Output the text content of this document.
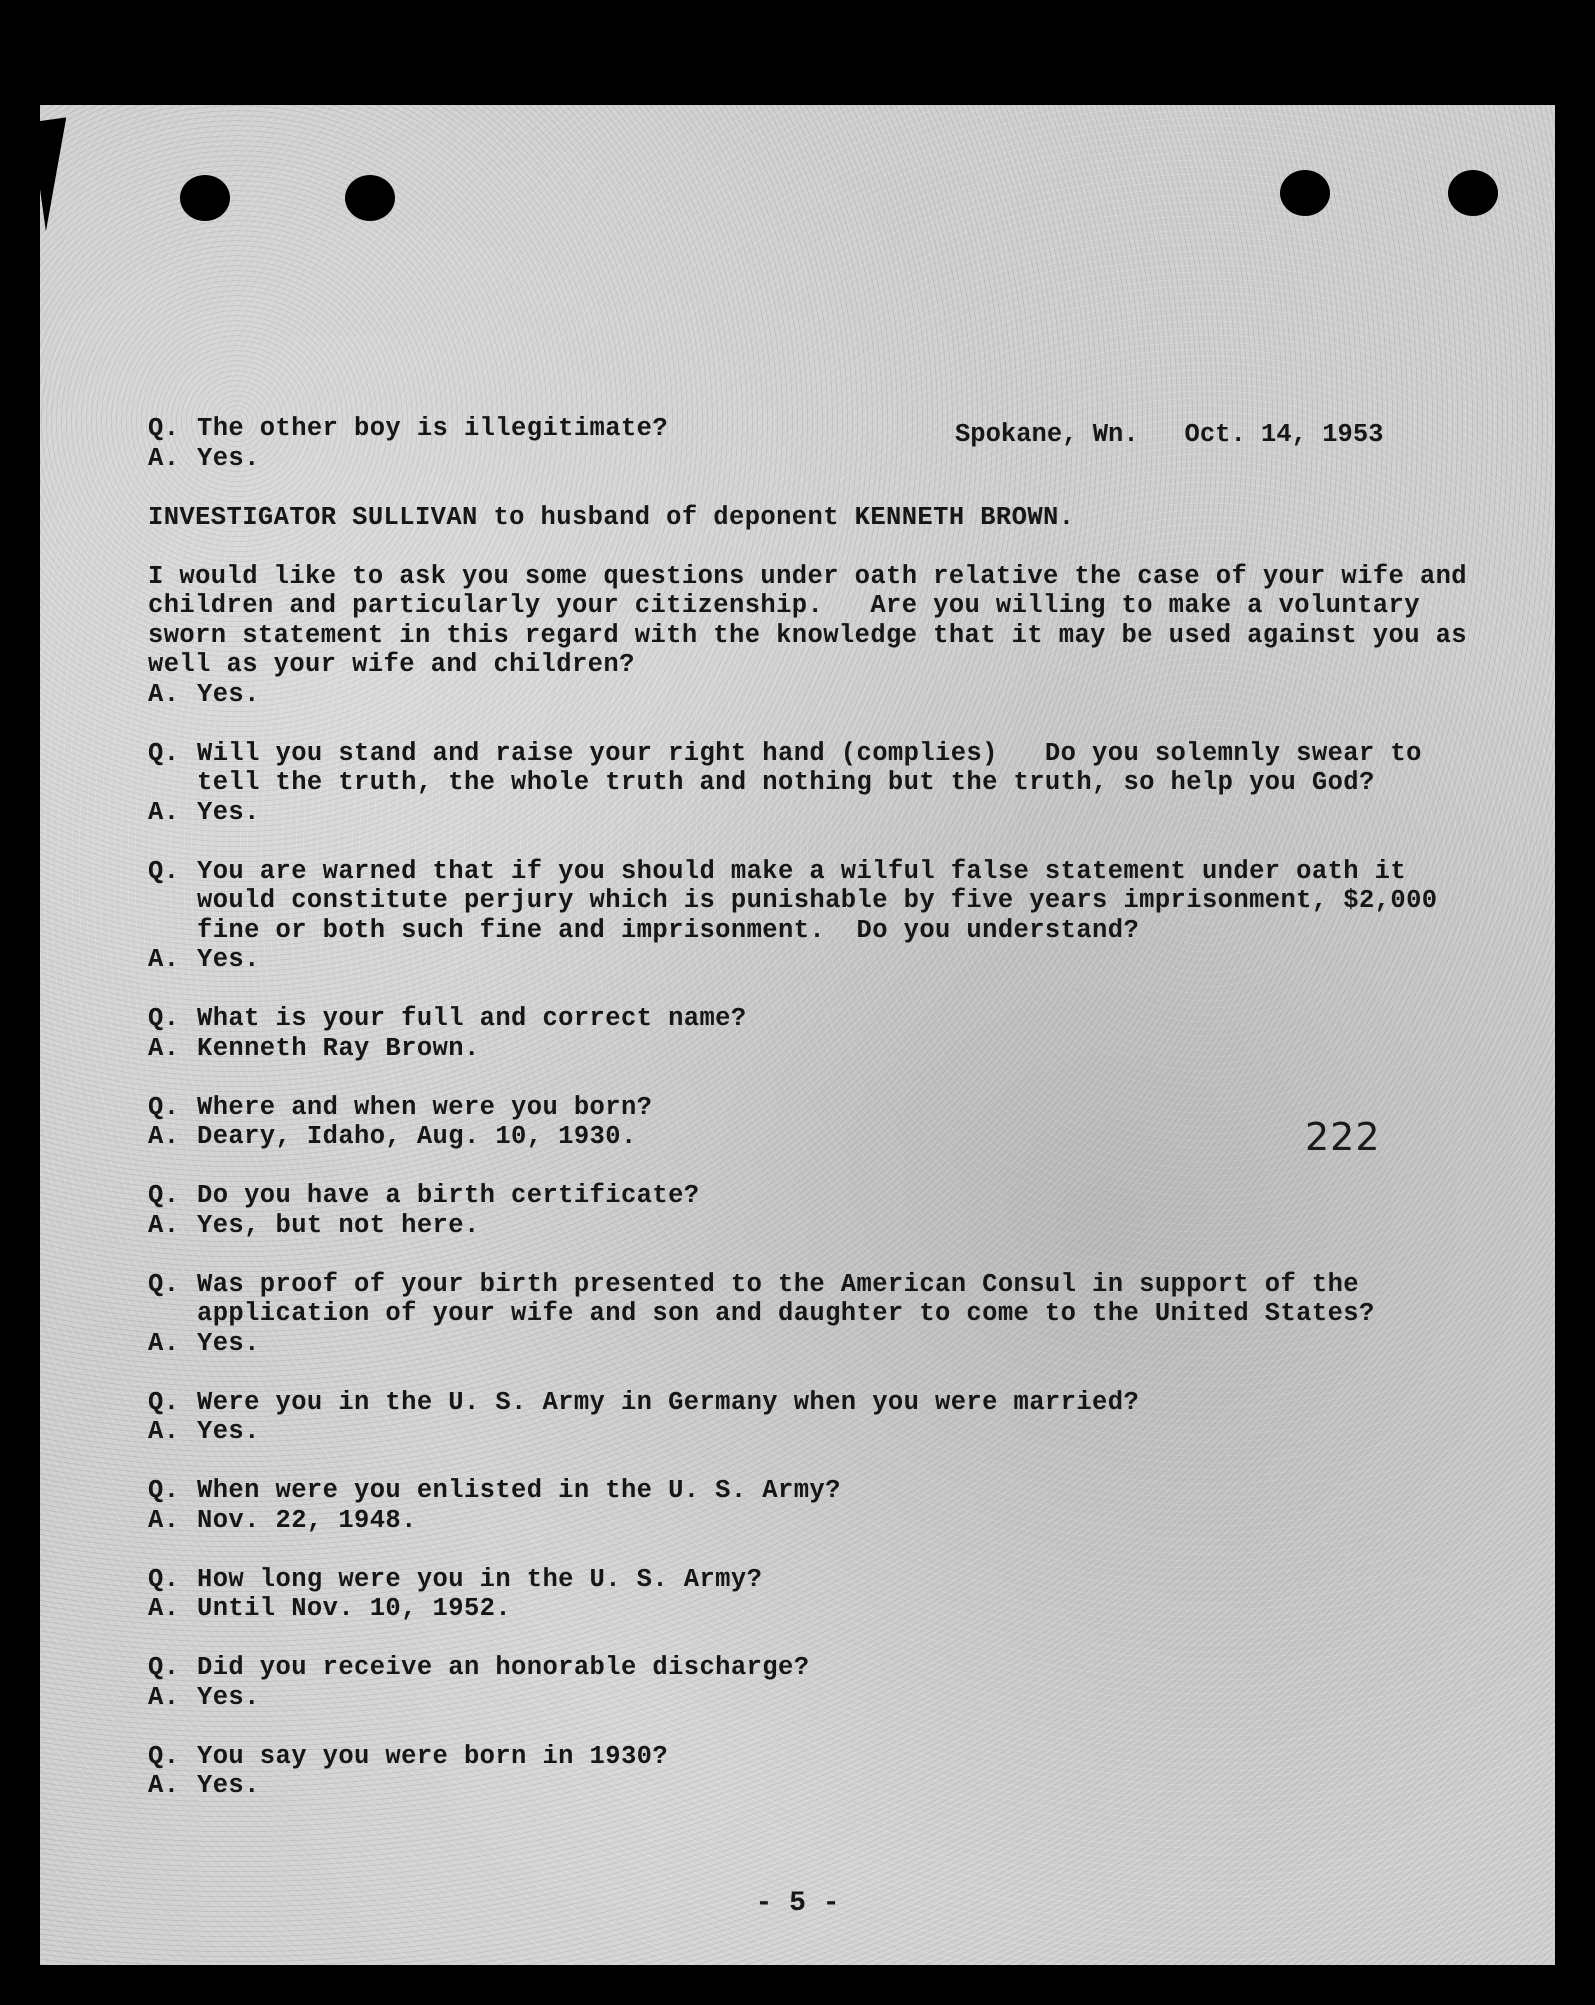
Spokane, Wn.   Oct. 14, 1953
Q. The other boy is illegitimate?
A. Yes.
INVESTIGATOR SULLIVAN to husband of deponent KENNETH BROWN.
I would like to ask you some questions under oath relative the case of your wife and children and particularly your citizenship.   Are you willing to make a voluntary sworn statement in this regard with the knowledge that it may be used against you as well as your wife and children?
A. Yes.
Q. Will you stand and raise your right hand (complies)   Do you solemnly swear to tell the truth, the whole truth and nothing but the truth, so help you God?
A. Yes.
Q. You are warned that if you should make a wilful false statement under oath it would constitute perjury which is punishable by five years imprisonment, $2,000 fine or both such fine and imprisonment.  Do you understand?
A. Yes.
Q. What is your full and correct name?
A. Kenneth Ray Brown.
Q. Where and when were you born?
A. Deary, Idaho, Aug. 10, 1930.
Q. Do you have a birth certificate?
A. Yes, but not here.
Q. Was proof of your birth presented to the American Consul in support of the application of your wife and son and daughter to come to the United States?
A. Yes.
Q. Were you in the U. S. Army in Germany when you were married?
A. Yes.
Q. When were you enlisted in the U. S. Army?
A. Nov. 22, 1948.
Q. How long were you in the U. S. Army?
A. Until Nov. 10, 1952.
Q. Did you receive an honorable discharge?
A. Yes.
Q. You say you were born in 1930?
A. Yes.
222
- 5 -
